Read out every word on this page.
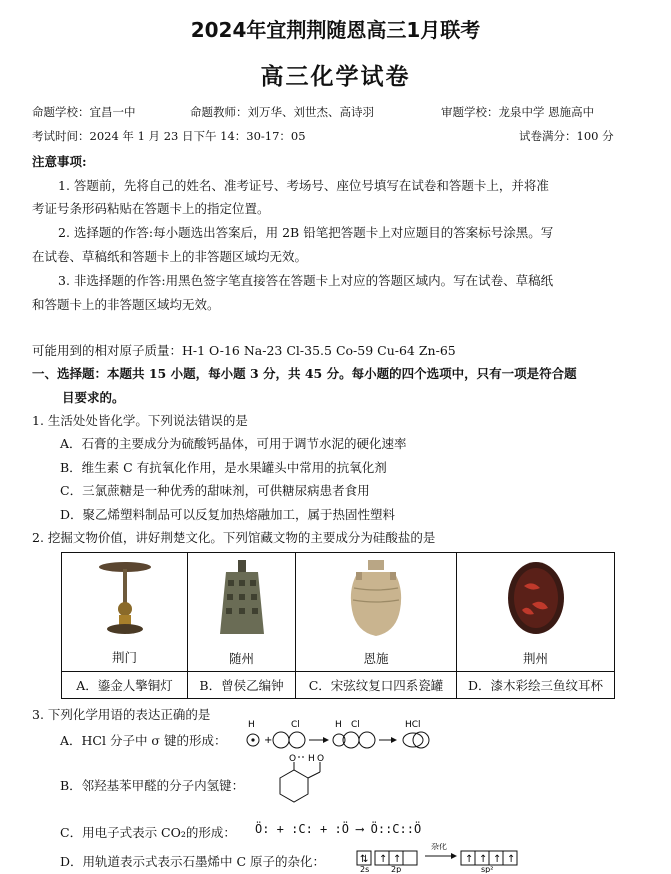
2024年宜荆荆随恩高三1月联考
高三化学试卷
命题学校：宜昌一中	命题教师：刘万华、刘世杰、高诗羽	审题学校：龙泉中学 恩施高中
考试时间：2024 年 1 月 23 日下午 14：30-17：05	试卷满分：100 分
注意事项:
1. 答题前，先将自己的姓名、准考证号、考场号、座位号填写在试卷和答题卡上，并将准
考证号条形码粘贴在答题卡上的指定位置。
2. 选择题的作答:每小题选出答案后，用 2B 铅笔把答题卡上对应题目的答案标号涂黑。写
在试卷、草稿纸和答题卡上的非答题区域均无效。
3. 非选择题的作答:用黑色签字笔直接答在答题卡上对应的答题区域内。写在试卷、草稿纸
和答题卡上的非答题区域均无效。
可能用到的相对原子质量：H-1 O-16 Na-23 Cl-35.5 Co-59 Cu-64 Zn-65
一、选择题：本题共 15 小题，每小题 3 分，共 45 分。每小题的四个选项中，只有一项是符合题
目要求的。
1. 生活处处皆化学。下列说法错误的是
A．石膏的主要成分为硫酸钙晶体，可用于调节水泥的硬化速率
B．维生素 C 有抗氧化作用，是水果罐头中常用的抗氧化剂
C．三氯蔗糖是一种优秀的甜味剂，可供糖尿病患者食用
D．聚乙烯塑料制品可以反复加热熔融加工，属于热固性塑料
2. 挖掘文物价值，讲好荆楚文化。下列馆藏文物的主要成分为硅酸盐的是
荆门	随州	恩施	荆州

A．鎏金人擎铜灯	B．曾侯乙编钟	C．宋弦纹复口四系瓷罐	D．漆木彩绘三鱼纹耳杯
3. 下列化学用语的表达正确的是
A．HCl 分子中 σ 键的形成：
H
+
Cl	H Cl	HCl
B．邻羟基苯甲醛的分子内氢键：
O H O
C．用电子式表示 CO₂的形成： Ö: + :C: + :Ö ⟶ Ö::C::Ö
D．用轨道表示式表示石墨烯中 C 原子的杂化：	⇅ ↑ ↑
2s	2p
杂化
↑ ↑ ↑ ↑
sp²
